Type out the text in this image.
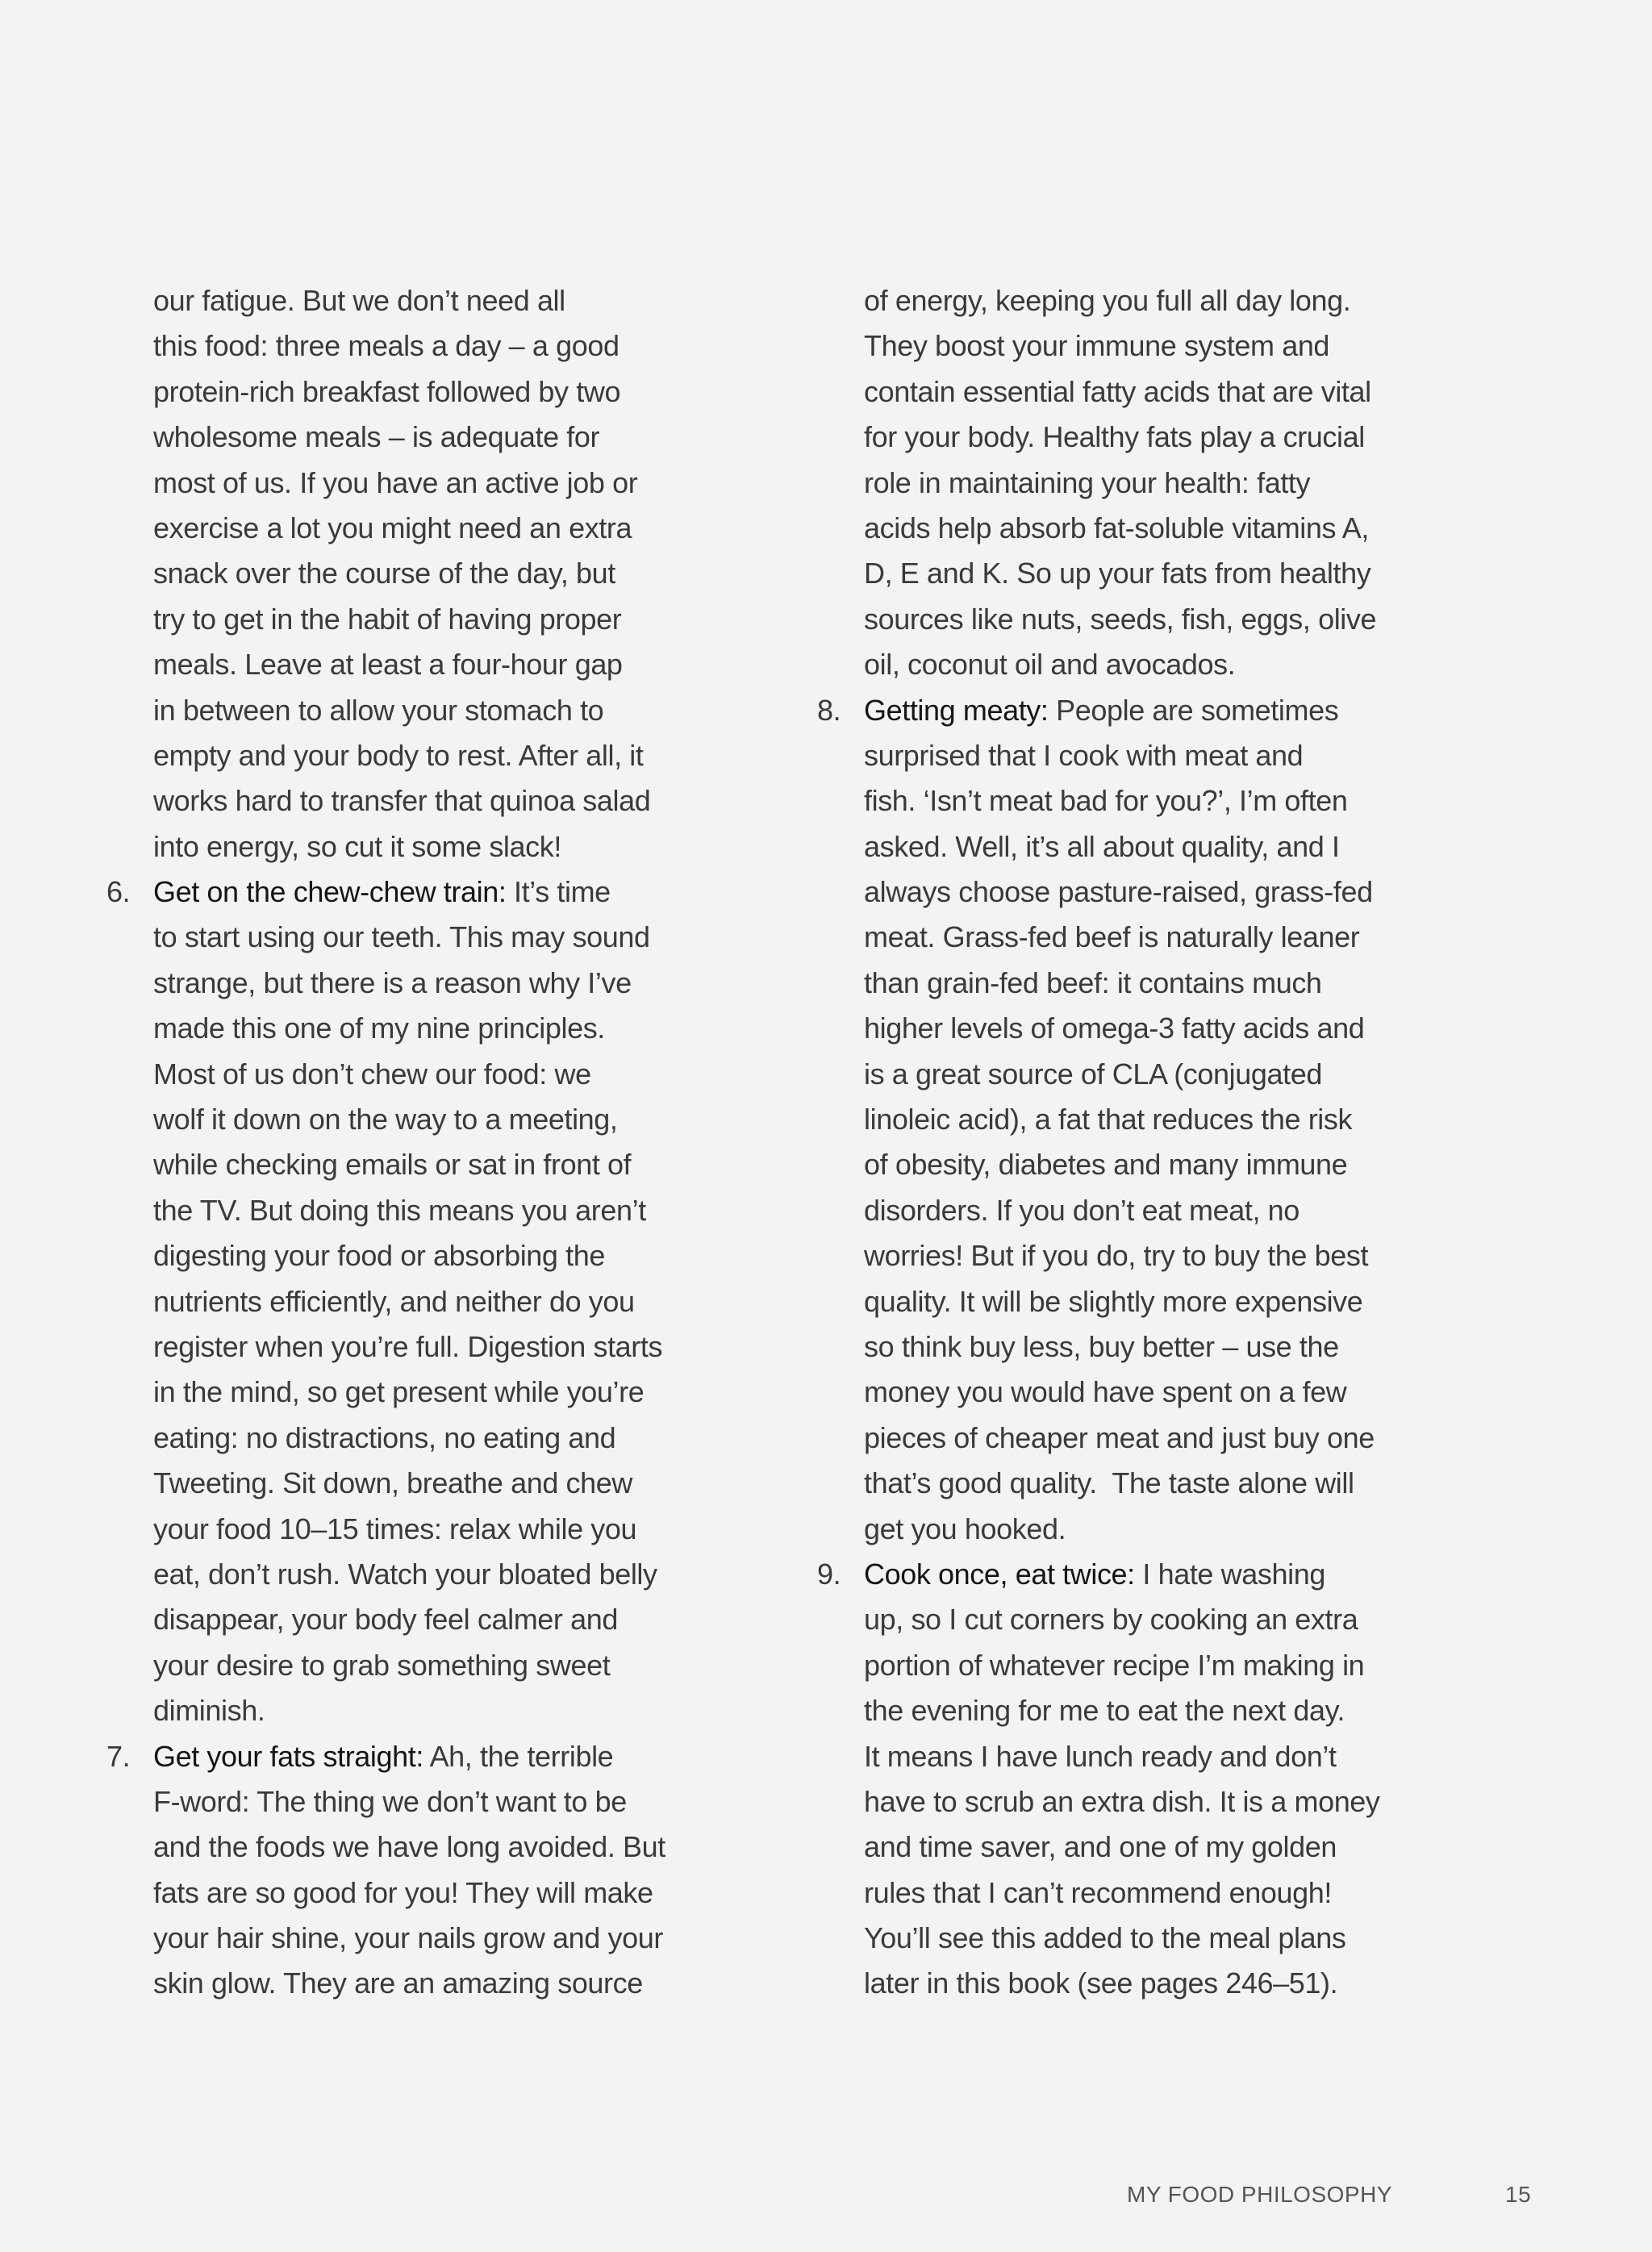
our fatigue. But we don’t need all
this food: three meals a day – a good
protein-rich breakfast followed by two
wholesome meals – is adequate for
most of us. If you have an active job or
exercise a lot you might need an extra
snack over the course of the day, but
try to get in the habit of having proper
meals. Leave at least a four-hour gap
in between to allow your stomach to
empty and your body to rest. After all, it
works hard to transfer that quinoa salad
into energy, so cut it some slack!
6. Get on the chew-chew train: It’s time
to start using our teeth. This may sound
strange, but there is a reason why I’ve
made this one of my nine principles.
Most of us don’t chew our food: we
wolf it down on the way to a meeting,
while checking emails or sat in front of
the TV. But doing this means you aren’t
digesting your food or absorbing the
nutrients efficiently, and neither do you
register when you’re full. Digestion starts
in the mind, so get present while you’re
eating: no distractions, no eating and
Tweeting. Sit down, breathe and chew
your food 10–15 times: relax while you
eat, don’t rush. Watch your bloated belly
disappear, your body feel calmer and
your desire to grab something sweet
diminish.
7. Get your fats straight: Ah, the terrible
F-word: The thing we don’t want to be
and the foods we have long avoided. But
fats are so good for you! They will make
your hair shine, your nails grow and your
skin glow. They are an amazing source
of energy, keeping you full all day long.
They boost your immune system and
contain essential fatty acids that are vital
for your body. Healthy fats play a crucial
role in maintaining your health: fatty
acids help absorb fat-soluble vitamins A,
D, E and K. So up your fats from healthy
sources like nuts, seeds, fish, eggs, olive
oil, coconut oil and avocados.
8. Getting meaty: People are sometimes
surprised that I cook with meat and
fish. ‘Isn’t meat bad for you?’, I’m often
asked. Well, it’s all about quality, and I
always choose pasture-raised, grass-fed
meat. Grass-fed beef is naturally leaner
than grain-fed beef: it contains much
higher levels of omega-3 fatty acids and
is a great source of CLA (conjugated
linoleic acid), a fat that reduces the risk
of obesity, diabetes and many immune
disorders. If you don’t eat meat, no
worries! But if you do, try to buy the best
quality. It will be slightly more expensive
so think buy less, buy better – use the
money you would have spent on a few
pieces of cheaper meat and just buy one
that’s good quality.  The taste alone will
get you hooked.
9. Cook once, eat twice: I hate washing
up, so I cut corners by cooking an extra
portion of whatever recipe I’m making in
the evening for me to eat the next day.
It means I have lunch ready and don’t
have to scrub an extra dish. It is a money
and time saver, and one of my golden
rules that I can’t recommend enough!
You’ll see this added to the meal plans
later in this book (see pages 246–51).
MY FOOD PHILOSOPHY	15
